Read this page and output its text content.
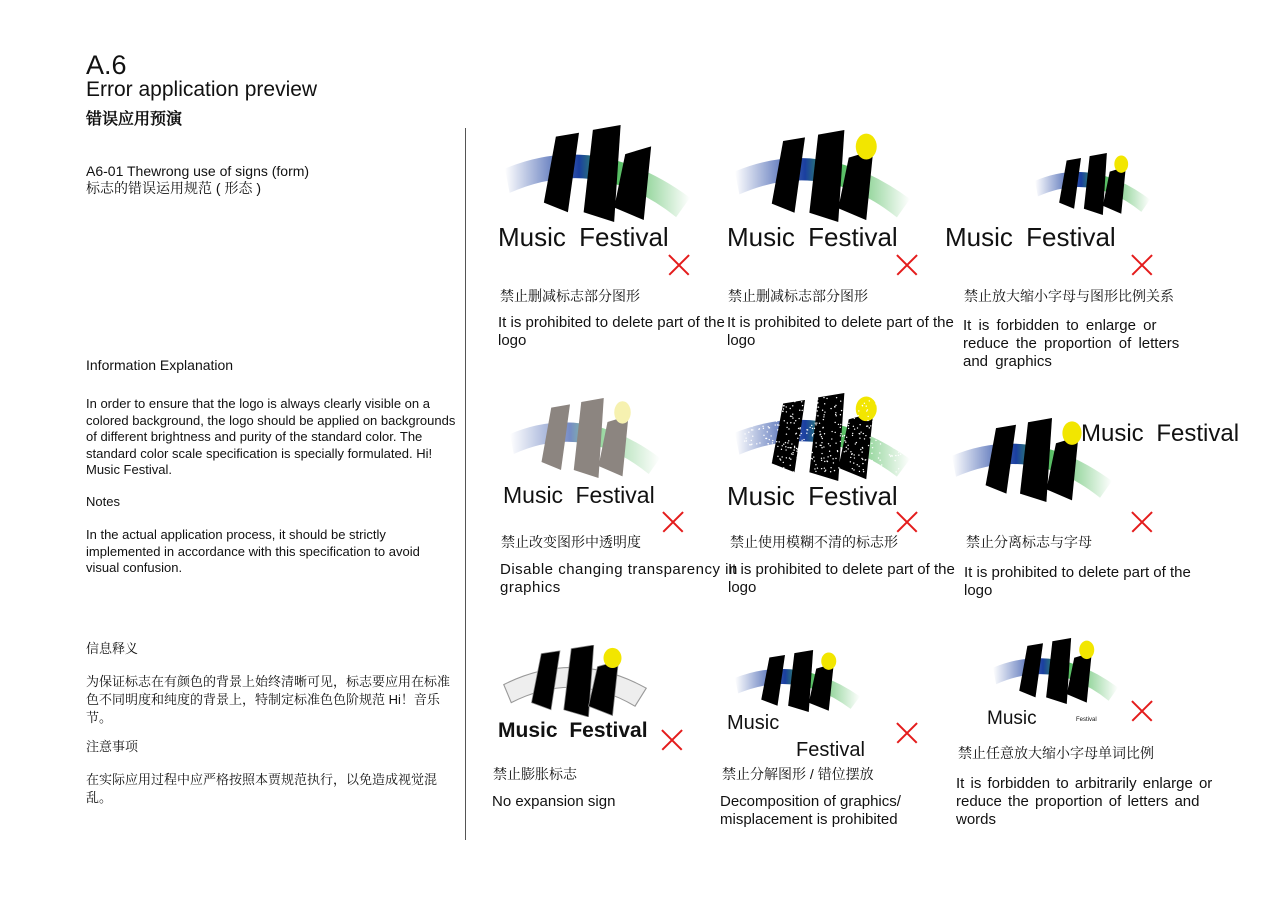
A.6
Error application preview
错误应用预演
A6-01 Thewrong use of signs (form)
标志的错误运用规范 ( 形态 )
Information Explanation
In order to ensure that the logo is always clearly visible on a colored background, the logo should be applied on backgrounds of different brightness and purity of the standard color. The standard color scale specification is specially formulated. Hi! Music Festival.
Notes
In the actual application process, it should be strictly implemented in accordance with this specification to avoid visual confusion.
信息释义
为保证标志在有颜色的背景上始终清晰可见，标志要应用在标准色不同明度和纯度的背景上，特制定标准色色阶规范 Hi！音乐节。
注意事项
在实际应用过程中应严格按照本贾规范执行，以免造成视觉混乱。
Music Festival
禁止删减标志部分图形
It is prohibited to delete part of the logo
Music Festival
禁止删减标志部分图形
It is prohibited to delete part of the logo
Music Festival
禁止放大缩小字母与图形比例关系
It is forbidden to enlarge or reduce the proportion of letters and graphics
Music Festival
禁止改变图形中透明度
Disable changing transparency in graphics
Music Festival
禁止使用模糊不清的标志形
It is prohibited to delete part of the logo
Music Festival
禁止分离标志与字母
It is prohibited to delete part of the logo
Music Festival
禁止膨胀标志
No expansion sign
Music
Festival
禁止分解图形 / 错位摆放
Decomposition of graphics/ misplacement is prohibited
Music	Festival
禁止任意放大缩小字母单词比例
It is forbidden to arbitrarily enlarge or reduce the proportion of letters and words
